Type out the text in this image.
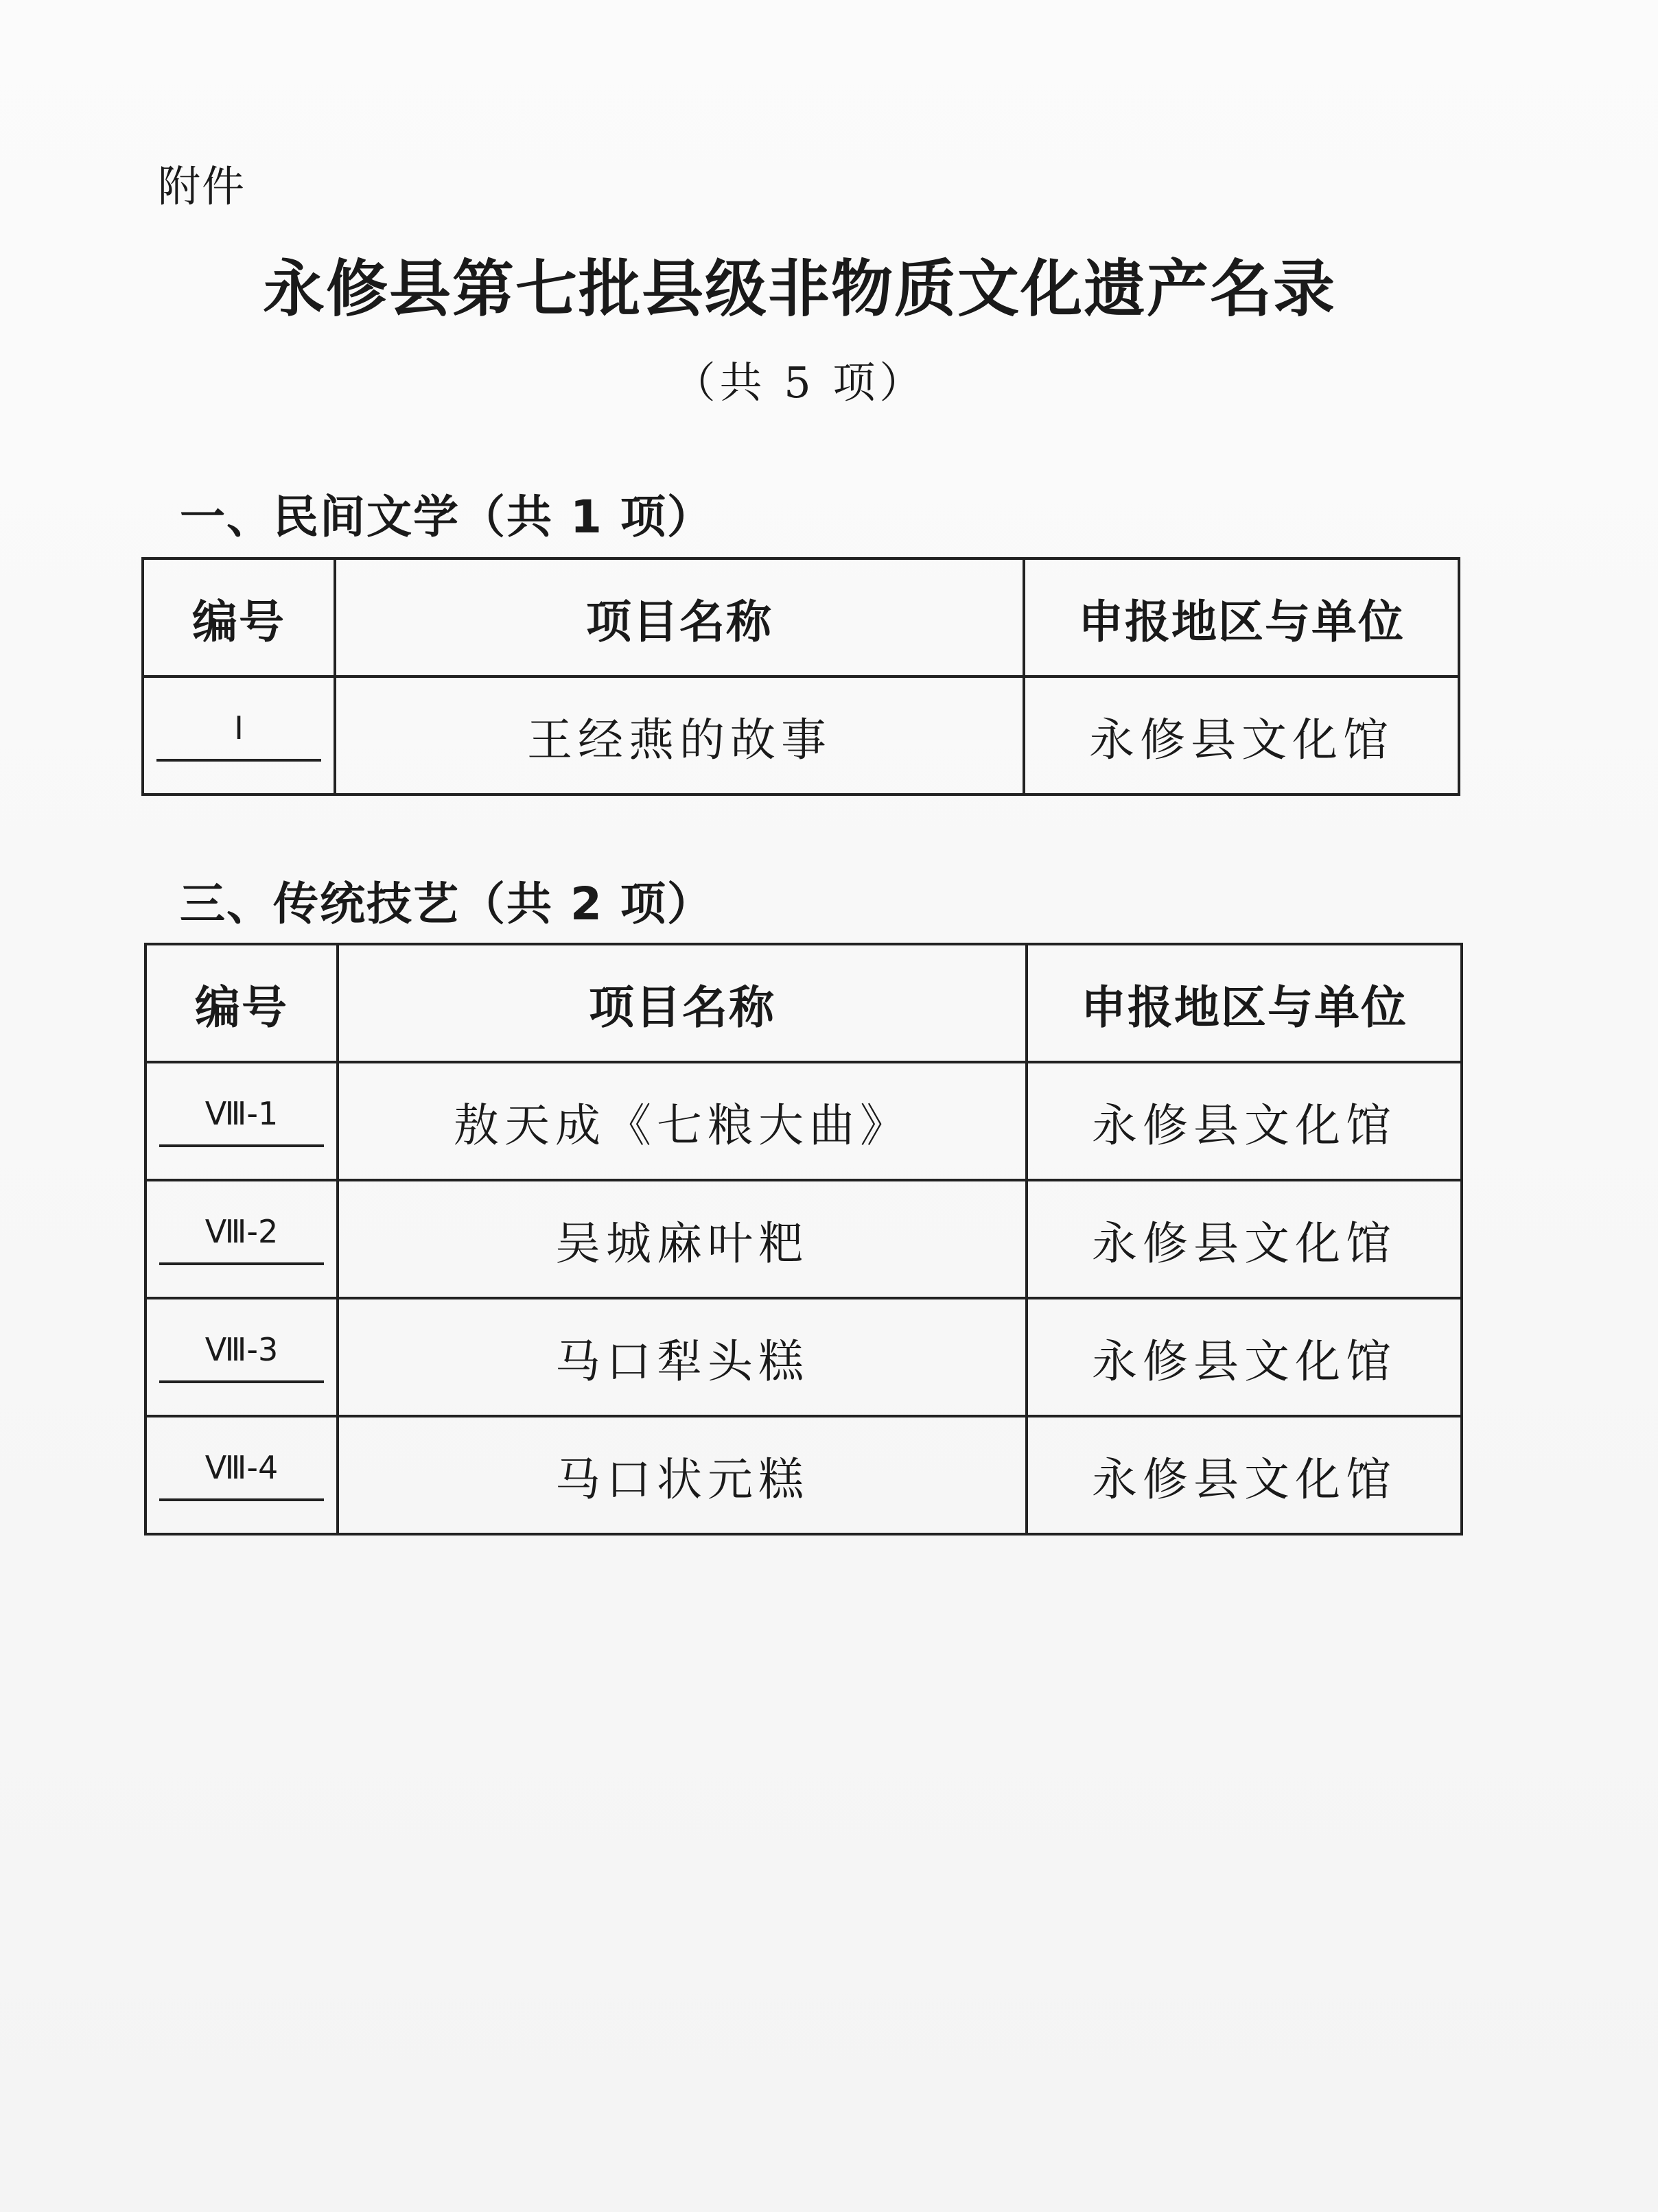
附件
永修县第七批县级非物质文化遗产名录
（共 5 项）
一、民间文学（共 1 项）
编号	项目名称	申报地区与单位
I	王经燕的故事	永修县文化馆
三、传统技艺（共 2 项）
编号	项目名称	申报地区与单位
Ⅷ-1	敖天成《七粮大曲》	永修县文化馆
Ⅷ-2	吴城麻叶粑	永修县文化馆
Ⅷ-3	马口犁头糕	永修县文化馆
Ⅷ-4	马口状元糕	永修县文化馆
